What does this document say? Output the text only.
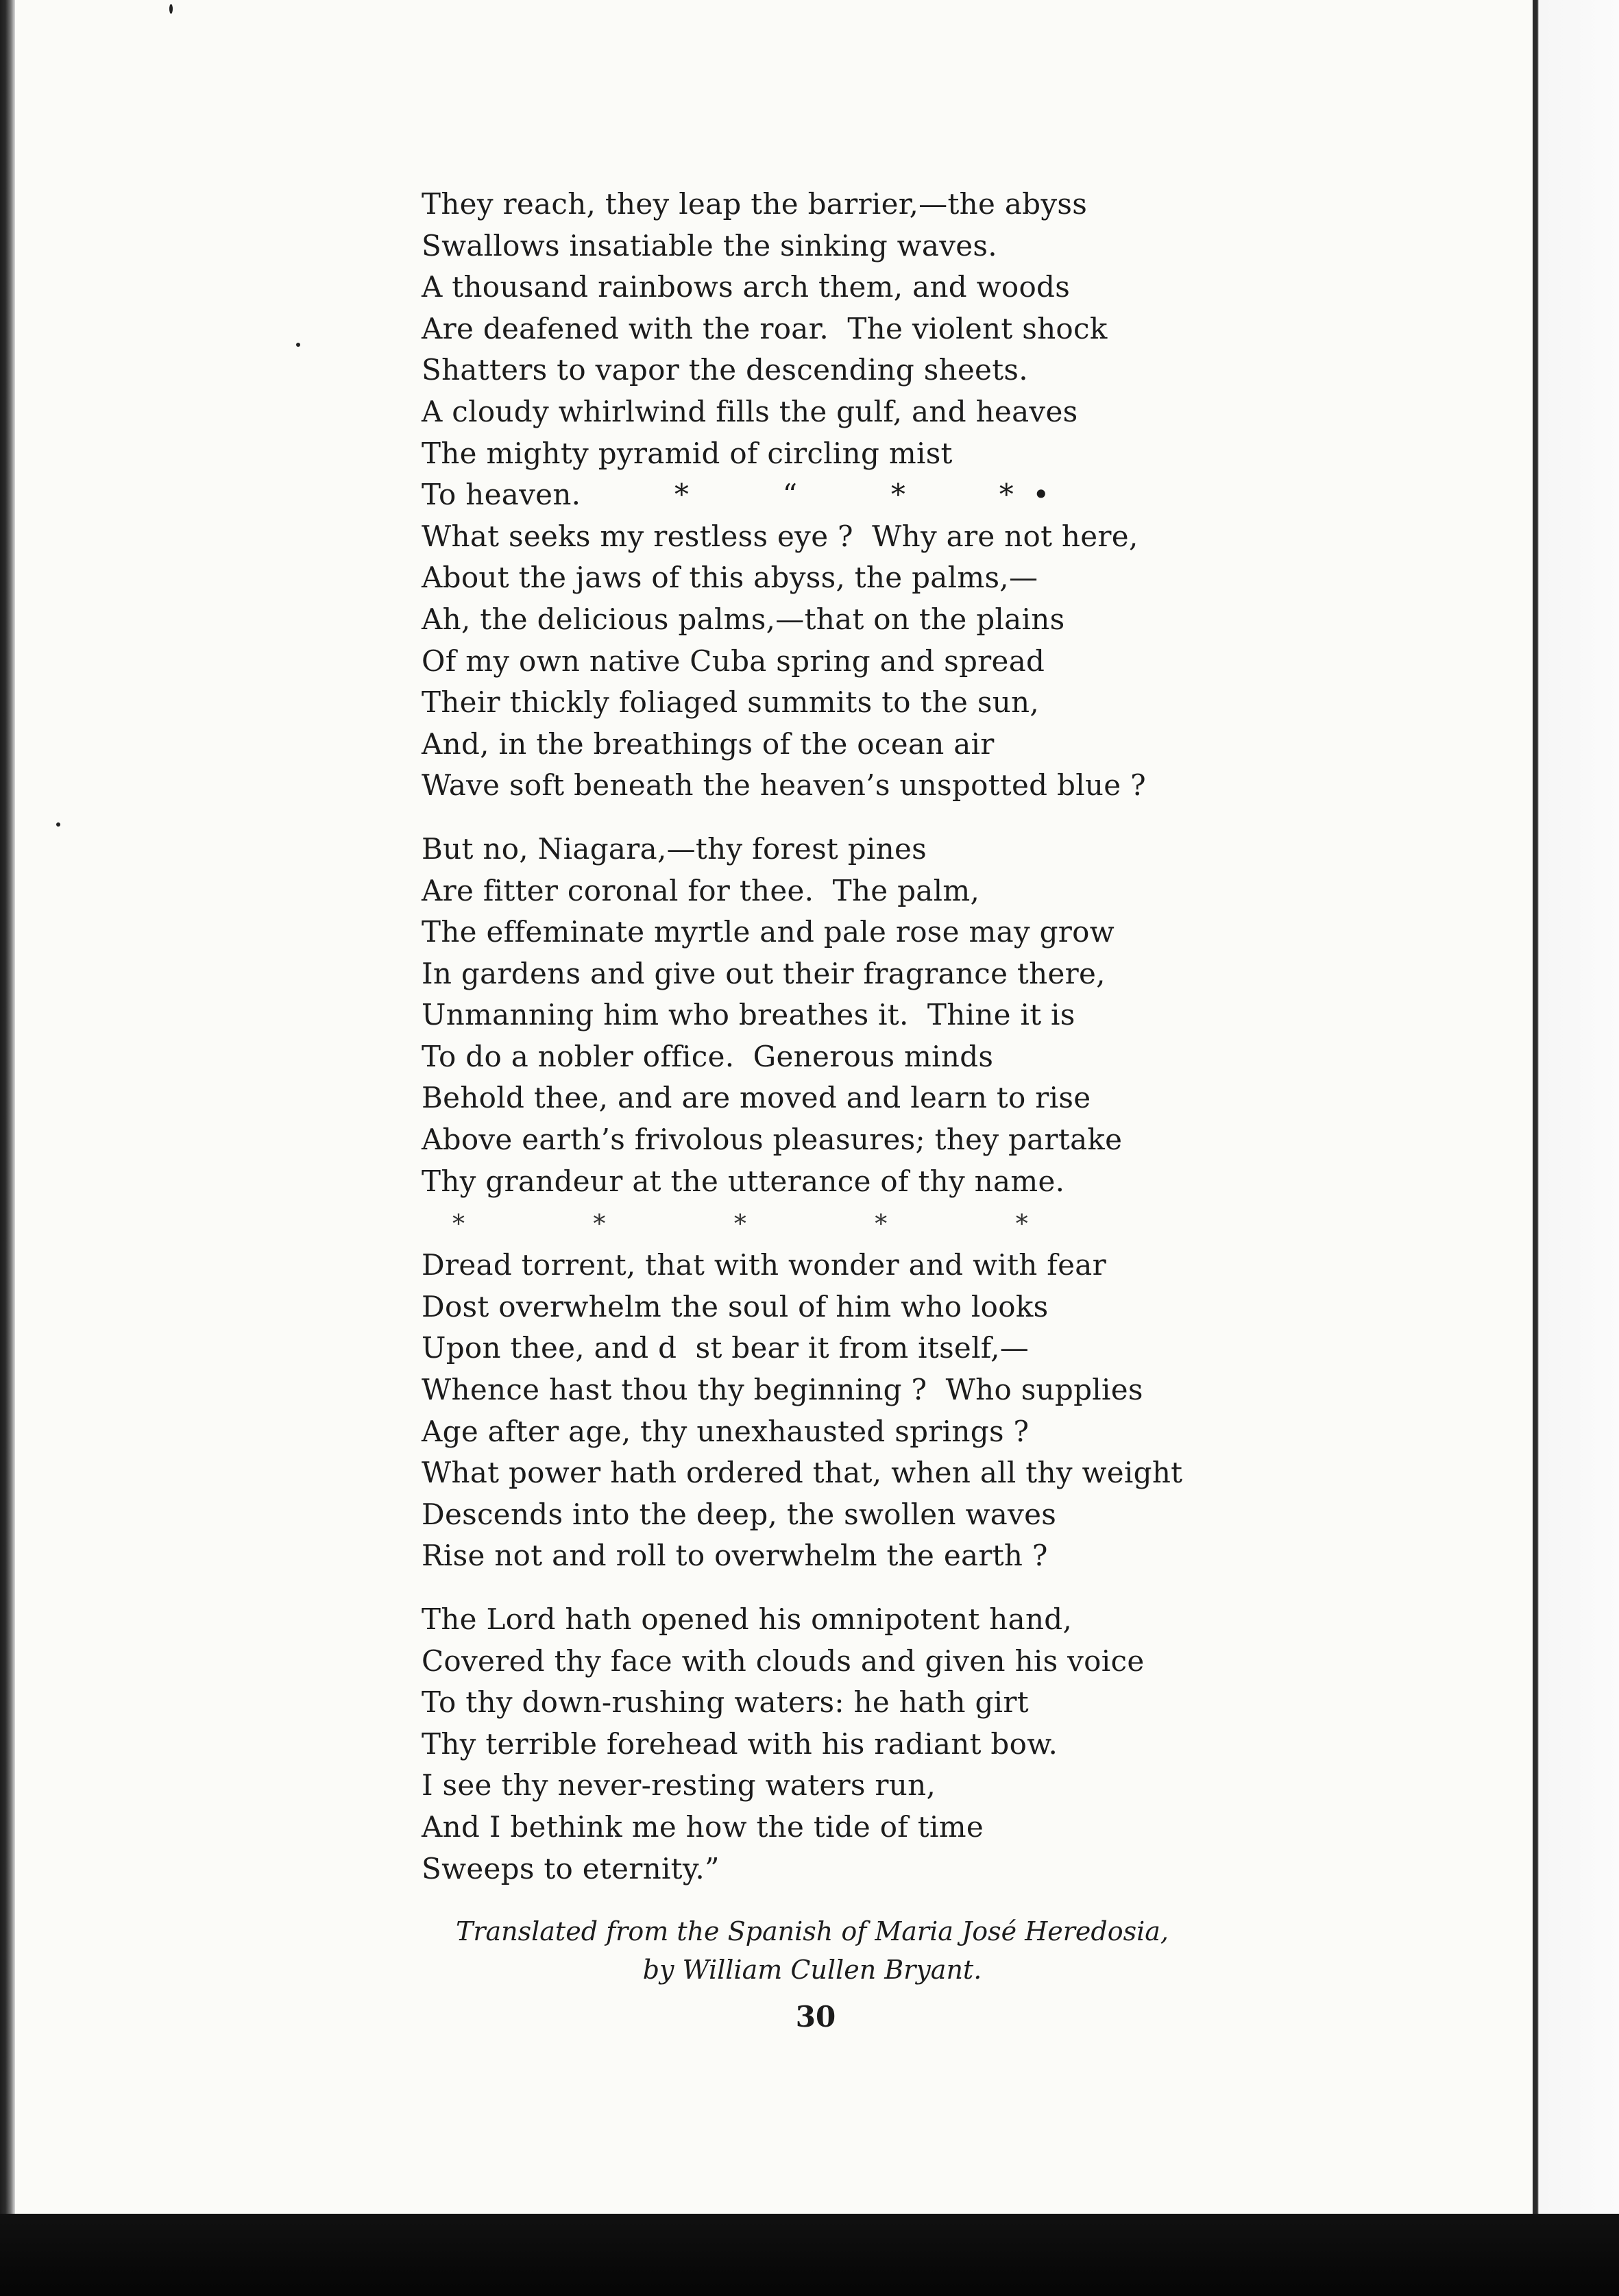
They reach, they leap the barrier,—the abyss
Swallows insatiable the sinking waves.
A thousand rainbows arch them, and woods
Are deafened with the roar.  The violent shock
Shatters to vapor the descending sheets.
A cloudy whirlwind fills the gulf, and heaves
The mighty pyramid of circling mist
To heaven.          *          “          *          *  •
What seeks my restless eye ?  Why are not here,
About the jaws of this abyss, the palms,—
Ah, the delicious palms,—that on the plains
Of my own native Cuba spring and spread
Their thickly foliaged summits to the sun,
And, in the breathings of the ocean air
Wave soft beneath the heaven’s unspotted blue ?
But no, Niagara,—thy forest pines
Are fitter coronal for thee.  The palm,
The effeminate myrtle and pale rose may grow
In gardens and give out their fragrance there,
Unmanning him who breathes it.  Thine it is
To do a nobler office.  Generous minds
Behold thee, and are moved and learn to rise
Above earth’s frivolous pleasures; they partake
Thy grandeur at the utterance of thy name.
*	*	*	*	*
Dread torrent, that with wonder and with fear
Dost overwhelm the soul of him who looks
Upon thee, and d  st bear it from itself,—
Whence hast thou thy beginning ?  Who supplies
Age after age, thy unexhausted springs ?
What power hath ordered that, when all thy weight
Descends into the deep, the swollen waves
Rise not and roll to overwhelm the earth ?
The Lord hath opened his omnipotent hand,
Covered thy face with clouds and given his voice
To thy down-rushing waters: he hath girt
Thy terrible forehead with his radiant bow.
I see thy never-resting waters run,
And I bethink me how the tide of time
Sweeps to eternity.”
Translated from the Spanish of Maria José Heredosia,
by William Cullen Bryant.
30
